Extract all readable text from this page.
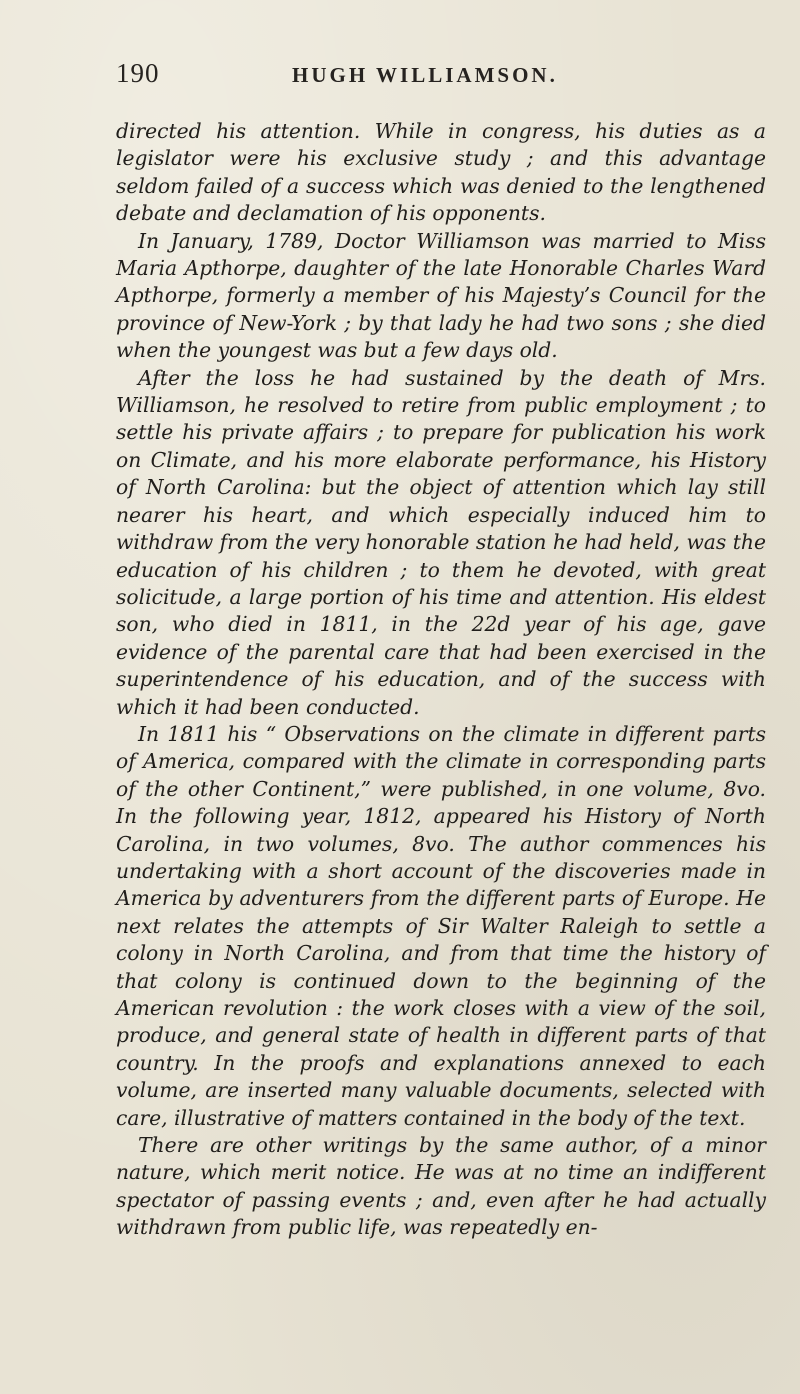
190	HUGH WILLIAMSON.

directed his attention. While in congress, his duties as a legislator were his exclusive study ; and this advantage seldom failed of a success which was denied to the lengthened debate and declamation of his opponents.

In January, 1789, Doctor Williamson was married to Miss Maria Apthorpe, daughter of the late Honorable Charles Ward Apthorpe, formerly a member of his Majesty’s Council for the province of New-York ; by that lady he had two sons ; she died when the youngest was but a few days old.

After the loss he had sustained by the death of Mrs. Williamson, he resolved to retire from public employment ; to settle his private affairs ; to prepare for publication his work on Climate, and his more elaborate performance, his History of North Carolina: but the object of attention which lay still nearer his heart, and which especially induced him to withdraw from the very honorable station he had held, was the education of his children ; to them he devoted, with great solicitude, a large portion of his time and attention. His eldest son, who died in 1811, in the 22d year of his age, gave evidence of the parental care that had been exercised in the superintendence of his education, and of the success with which it had been conducted.

In 1811 his “ Observations on the climate in different parts of America, compared with the climate in corresponding parts of the other Continent,” were published, in one volume, 8vo. In the following year, 1812, appeared his History of North Carolina, in two volumes, 8vo. The author commences his undertaking with a short account of the discoveries made in America by adventurers from the different parts of Europe. He next relates the attempts of Sir Walter Raleigh to settle a colony in North Carolina, and from that time the history of that colony is continued down to the beginning of the American revolution : the work closes with a view of the soil, produce, and general state of health in different parts of that country. In the proofs and explanations annexed to each volume, are inserted many valuable documents, selected with care, illustrative of matters contained in the body of the text.

There are other writings by the same author, of a minor nature, which merit notice. He was at no time an indifferent spectator of passing events ; and, even after he had actually withdrawn from public life, was repeatedly en-
